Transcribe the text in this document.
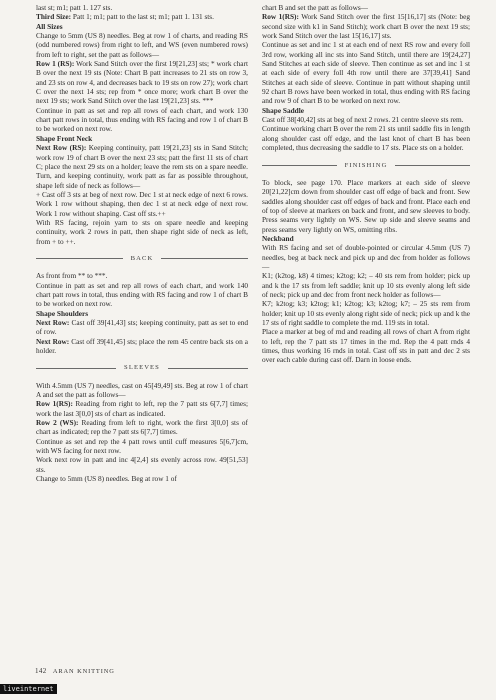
last st; m1; patt 1. 127 sts.

Third Size: Patt 1; m1; patt to the last st; m1; patt 1. 131 sts.

All Sizes

Change to 5mm (US 8) needles. Beg at row 1 of charts, and reading RS (odd numbered rows) from right to left, and WS (even numbered rows) from left to right, set the patt as follows—

Row 1 (RS): Work Sand Stitch over the first 19[21,23] sts; * work chart B over the next 19 sts (Note: Chart B patt increases to 21 sts on row 3, and 23 sts on row 4, and decreases back to 19 sts on row 27); work chart C over the next 14 sts; rep from * once more; work chart B over the next 19 sts; work Sand Stitch over the last 19[21,23] sts. ***

Continue in patt as set and rep all rows of each chart, and work 130 chart patt rows in total, thus ending with RS facing and row 1 of chart B to be worked on next row.

Shape Front Neck

Next Row (RS): Keeping continuity, patt 19[21,23] sts in Sand Stitch; work row 19 of chart B over the next 23 sts; patt the first 11 sts of chart C; place the next 29 sts on a holder; leave the rem sts on a spare needle. Turn, and keeping continuity, work patt as far as possible throughout, shape left side of neck as follows—

+ Cast off 3 sts at beg of next row. Dec 1 st at neck edge of next 6 rows. Work 1 row without shaping, then dec 1 st at neck edge of next row. Work 1 row without shaping. Cast off sts.++

With RS facing, rejoin yarn to sts on spare needle and keeping continuity, work 2 rows in patt, then shape right side of neck as left, from + to ++.

BACK

As front from ** to ***.

Continue in patt as set and rep all rows of each chart, and work 140 chart patt rows in total, thus ending with RS facing and row 1 of chart B to be worked on next row.

Shape Shoulders

Next Row: Cast off 39[41,43] sts; keeping continuity, patt as set to end of row.

Next Row: Cast off 39[41,45] sts; place the rem 45 centre back sts on a holder.

SLEEVES

With 4.5mm (US 7) needles, cast on 45[49,49] sts. Beg at row 1 of chart A and set the patt as follows—

Row 1(RS): Reading from right to left, rep the 7 patt sts 6[7,7] times; work the last 3[0,0] sts of chart as indicated.

Row 2 (WS): Reading from left to right, work the first 3[0,0] sts of chart as indicated; rep the 7 patt sts 6[7,7] times.

Continue as set and rep the 4 patt rows until cuff measures 5[6,7]cm, with WS facing for next row.

Work next row in patt and inc 4[2,4] sts evenly across row. 49[51,53] sts.

Change to 5mm (US 8) needles. Beg at row 1 of

chart B and set the patt as follows—

Row 1(RS): Work Sand Stitch over the first 15[16,17] sts (Note: beg second size with k1 in Sand Stitch); work chart B over the next 19 sts; work Sand Stitch over the last 15[16,17] sts.

Continue as set and inc 1 st at each end of next RS row and every foll 3rd row, working all inc sts into Sand Stitch, until there are 19[24,27] Sand Stitches at each side of sleeve. Then continue as set and inc 1 st at each side of every foll 4th row until there are 37[39,41] Sand Stitches at each side of sleeve. Continue in patt without shaping until 92 chart B rows have been worked in total, thus ending with RS facing and row 9 of chart B to be worked on next row.

Shape Saddle

Cast off 38[40,42] sts at beg of next 2 rows. 21 centre sleeve sts rem.

Continue working chart B over the rem 21 sts until saddle fits in length along shoulder cast off edge, and the last knot of chart B has been completed, thus decreasing the saddle to 17 sts. Place sts on a holder.

FINISHING

To block, see page 170. Place markers at each side of sleeve 20[21,22]cm down from shoulder cast off edge of back and front. Sew saddles along shoulder cast off edges of back and front. Place each end of top of sleeve at markers on back and front, and sew sleeves to body. Press seams very lightly on WS. Sew up side and sleeve seams and press seams very lightly on WS, omitting ribs.

Neckband

With RS facing and set of double-pointed or circular 4.5mm (US 7) needles, beg at back neck and pick up and dec from holder as follows—

K1; (k2tog, k8) 4 times; k2tog; k2; – 40 sts rem from holder; pick up and k the 17 sts from left saddle; knit up 10 sts evenly along left side of neck; pick up and dec from front neck holder as follows—

K7; k2tog; k3; k2tog; k1; k2tog; k3; k2tog; k7; – 25 sts rem from holder; knit up 10 sts evenly along right side of neck; pick up and k the 17 sts of right saddle to complete the rnd. 119 sts in total.

Place a marker at beg of rnd and reading all rows of chart A from right to left, rep the 7 patt sts 17 times in the rnd. Rep the 4 patt rnds 4 times, thus working 16 rnds in total. Cast off sts in patt and dec 2 sts over each cable during cast off. Darn in loose ends.

142 ARAN KNITTING
liveinternet
